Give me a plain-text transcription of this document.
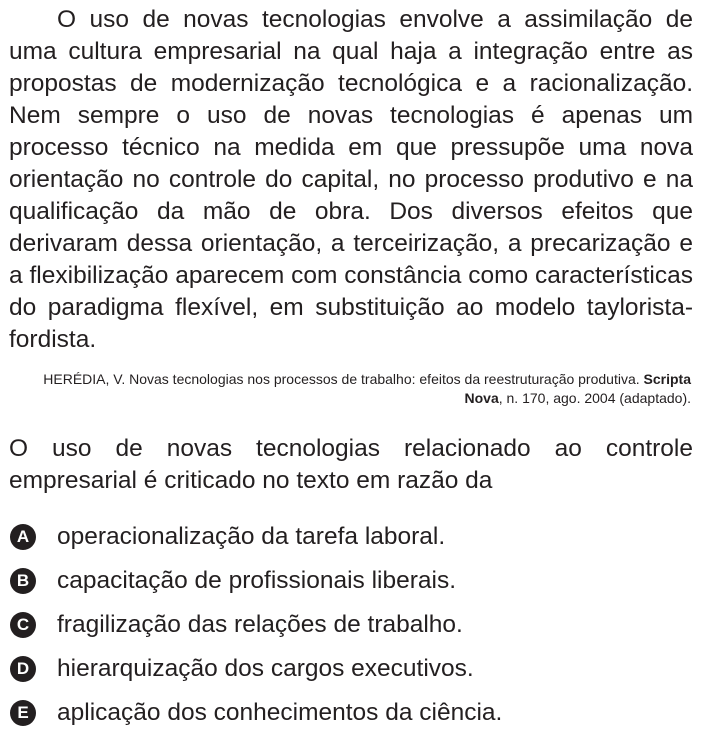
O uso de novas tecnologias envolve a assimilação de uma cultura empresarial na qual haja a integração entre as propostas de modernização tecnológica e a racionalização. Nem sempre o uso de novas tecnologias é apenas um processo técnico na medida em que pressupõe uma nova orientação no controle do capital, no processo produtivo e na qualificação da mão de obra. Dos diversos efeitos que derivaram dessa orientação, a terceirização, a precarização e a flexibilização aparecem com constância como características do paradigma flexível, em substituição ao modelo taylorista-fordista.

HERÉDIA, V. Novas tecnologias nos processos de trabalho: efeitos da reestruturação produtiva. Scripta Nova, n. 170, ago. 2004 (adaptado).
O uso de novas tecnologias relacionado ao controle empresarial é criticado no texto em razão da
A operacionalização da tarefa laboral.
B capacitação de profissionais liberais.
C fragilização das relações de trabalho.
D hierarquização dos cargos executivos.
E aplicação dos conhecimentos da ciência.
